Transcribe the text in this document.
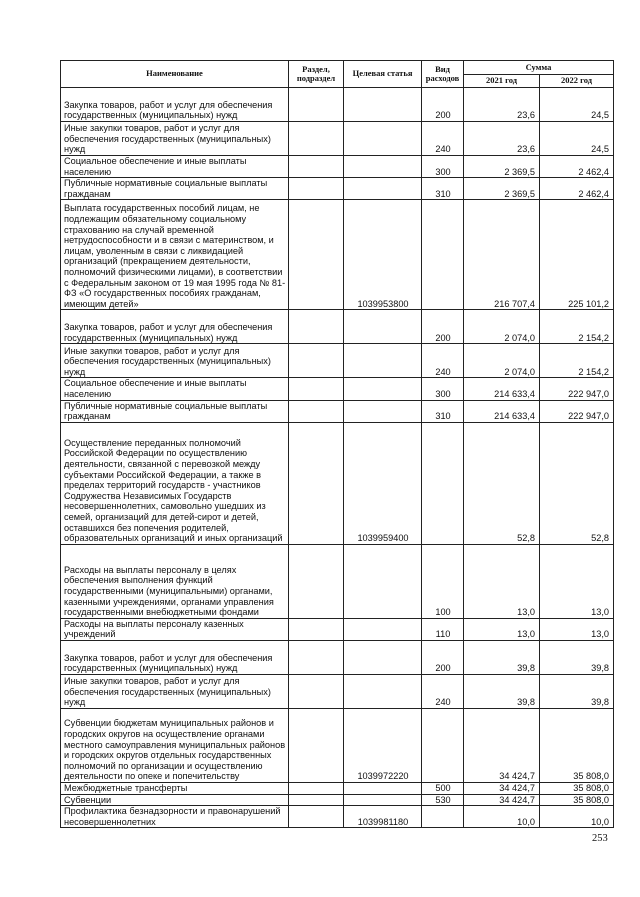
Наименование	Раздел, подраздел	Целевая статья	Вид расходов	Сумма	
				2021 год	2022 год
Закупка товаров, работ и услуг для обеспечения государственных (муниципальных) нужд			200	23,6	24,5
Иные закупки товаров, работ и услуг для обеспечения государственных (муниципальных) нужд			240	23,6	24,5
Социальное обеспечение и иные выплаты населению			300	2 369,5	2 462,4
Публичные нормативные социальные выплаты гражданам			310	2 369,5	2 462,4
Выплата государственных пособий лицам, не подлежащим обязательному социальному страхованию на случай временной нетрудоспособности и в связи с материнством, и лицам, уволенным в связи с ликвидацией организаций (прекращением деятельности, полномочий физическими лицами), в соответствии с Федеральным законом от 19 мая 1995 года № 81-ФЗ «О государственных пособиях гражданам, имеющим детей»		1039953800		216 707,4	225 101,2
Закупка товаров, работ и услуг для обеспечения государственных (муниципальных) нужд			200	2 074,0	2 154,2
Иные закупки товаров, работ и услуг для обеспечения государственных (муниципальных) нужд			240	2 074,0	2 154,2
Социальное обеспечение и иные выплаты населению			300	214 633,4	222 947,0
Публичные нормативные социальные выплаты гражданам			310	214 633,4	222 947,0
Осуществление переданных полномочий Российской Федерации по осуществлению деятельности, связанной с перевозкой между субъектами Российской Федерации, а также в пределах территорий государств - участников Содружества Независимых Государств несовершеннолетних, самовольно ушедших из семей, организаций для детей-сирот и детей, оставшихся без попечения родителей, образовательных организаций и иных организаций		1039959400		52,8	52,8
Расходы на выплаты персоналу в целях обеспечения выполнения функций государственными (муниципальными) органами, казенными учреждениями, органами управления государственными внебюджетными фондами			100	13,0	13,0
Расходы на выплаты персоналу казенных учреждений			110	13,0	13,0
Закупка товаров, работ и услуг для обеспечения государственных (муниципальных) нужд			200	39,8	39,8
Иные закупки товаров, работ и услуг для обеспечения государственных (муниципальных) нужд			240	39,8	39,8
Субвенции бюджетам муниципальных районов и городских округов на осуществление органами местного самоуправления муниципальных районов и городских округов отдельных государственных полномочий по организации и осуществлению деятельности по опеке и попечительству		1039972220		34 424,7	35 808,0
Межбюджетные трансферты			500	34 424,7	35 808,0
Субвенции			530	34 424,7	35 808,0
Профилактика безнадзорности и правонарушений несовершеннолетних		1039981180		10,0	10,0
253
